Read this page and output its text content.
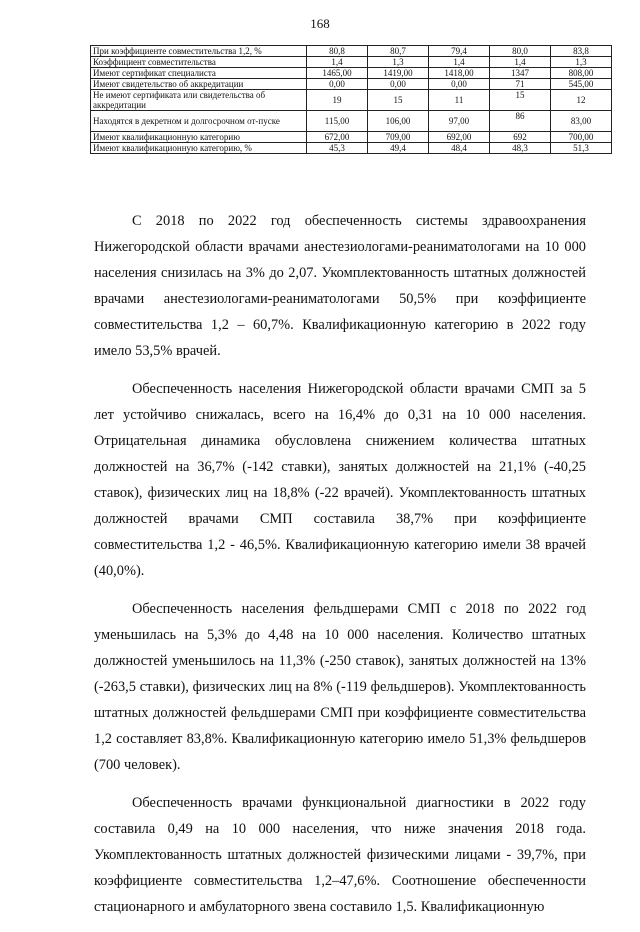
168
При коэффициенте совместительства 1,2, %	80,8	80,7	79,4	80,0	83,8
Коэффициент совместительства	1,4	1,3	1,4	1,4	1,3
Имеют сертификат специалиста	1465,00	1419,00	1418,00	1347	808,00
Имеют свидетельство об аккредитации	0,00	0,00	0,00	71	545,00
Не имеют сертификата или свидетельства об аккредитации	19	15	11	15	12
Находятся в декретном и долгосрочном от-пуске	115,00	106,00	97,00	86	83,00
Имеют квалификационную категорию	672,00	709,00	692,00	692	700,00
Имеют квалификационную категорию, %	45,3	49,4	48,4	48,3	51,3

С 2018 по 2022 год обеспеченность системы здравоохранения Нижегородской области врачами анестезиологами-реаниматологами на 10 000 населения снизилась на 3% до 2,07. Укомплектованность штатных должностей врачами анестезиологами-реаниматологами 50,5% при коэффициенте совместительства 1,2 – 60,7%. Квалификационную категорию в 2022 году имело 53,5% врачей.

Обеспеченность населения Нижегородской области врачами СМП за 5 лет устойчиво снижалась, всего на 16,4% до 0,31 на 10 000 населения. Отрицательная динамика обусловлена снижением количества штатных должностей на 36,7% (-142 ставки), занятых должностей на 21,1% (-40,25 ставок), физических лиц на 18,8% (-22 врачей). Укомплектованность штатных должностей врачами СМП составила 38,7% при коэффициенте совместительства 1,2 - 46,5%. Квалификационную категорию имели 38 врачей (40,0%).

Обеспеченность населения фельдшерами СМП с 2018 по 2022 год уменьшилась на 5,3% до 4,48 на 10 000 населения. Количество штатных должностей уменьшилось на 11,3% (-250 ставок), занятых должностей на 13% (-263,5 ставки), физических лиц на 8% (-119 фельдшеров). Укомплектованность штатных должностей фельдшерами СМП при коэффициенте совместительства 1,2 составляет 83,8%. Квалификационную категорию имело 51,3% фельдшеров (700 человек).

Обеспеченность врачами функциональной диагностики в 2022 году составила 0,49 на 10 000 населения, что ниже значения 2018 года. Укомплектованность штатных должностей физическими лицами - 39,7%, при коэффициенте совместительства 1,2–47,6%. Соотношение обеспеченности стационарного и амбулаторного звена составило 1,5. Квалификационную
